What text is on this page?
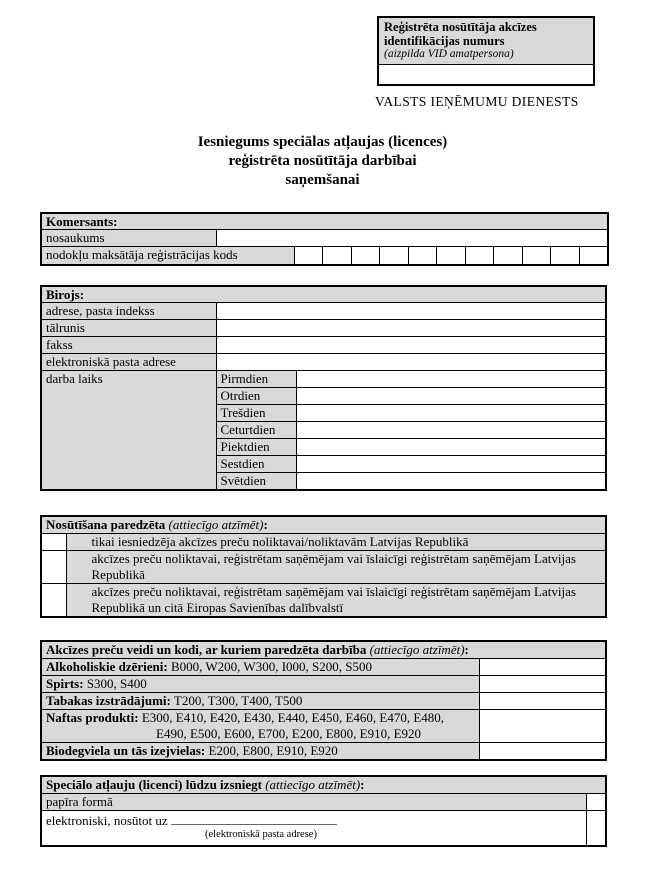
Reģistrēta nosūtītāja akcīzes identifikācijas numurs
(aizpilda VID amatpersona)
VALSTS IEŅĒMUMU DIENESTS
Iesniegums speciālas atļaujas (licences)
reģistrēta nosūtītāja darbībai
saņemšanai
Komersants:												
nosaukums												
nodokļu maksātāja reģistrācijas kods												
Birojs:		
adrese, pasta indekss		
tālrunis		
fakss		
elektroniskā pasta adrese		
darba laiks	Pirmdien	
	Otrdien	
	Trešdien	
	Ceturtdien	
	Piektdien	
	Sestdien	
	Svētdien	
Nosūtīšana paredzēta (attiecīgo atzīmēt):	
	tikai iesniedzēja akcīzes preču noliktavai/noliktavām Latvijas Republikā
	akcīzes preču noliktavai, reģistrētam saņēmējam vai īslaicīgi reģistrētam saņēmējam Latvijas Republikā
	akcīzes preču noliktavai, reģistrētam saņēmējam vai īslaicīgi reģistrētam saņēmējam Latvijas Republikā un citā Eiropas Savienības dalībvalstī
Akcīzes preču veidi un kodi, ar kuriem paredzēta darbība (attiecīgo atzīmēt):	
Alkoholiskie dzērieni: B000, W200, W300, I000, S200, S500	
Spirts: S300, S400	
Tabakas izstrādājumi: T200, T300, T400, T500	
Naftas produkti: E300, E410, E420, E430, E440, E450, E460, E470, E480, E490, E500, E600, E700, E200, E800, E910, E920	
Biodegviela un tās izejvielas: E200, E800, E910, E920	
Speciālo atļauju (licenci) lūdzu izsniegt (attiecīgo atzīmēt):	
papīra formā	

elektroniski, nosūtot uz
(elektroniskā pasta adrese)	
